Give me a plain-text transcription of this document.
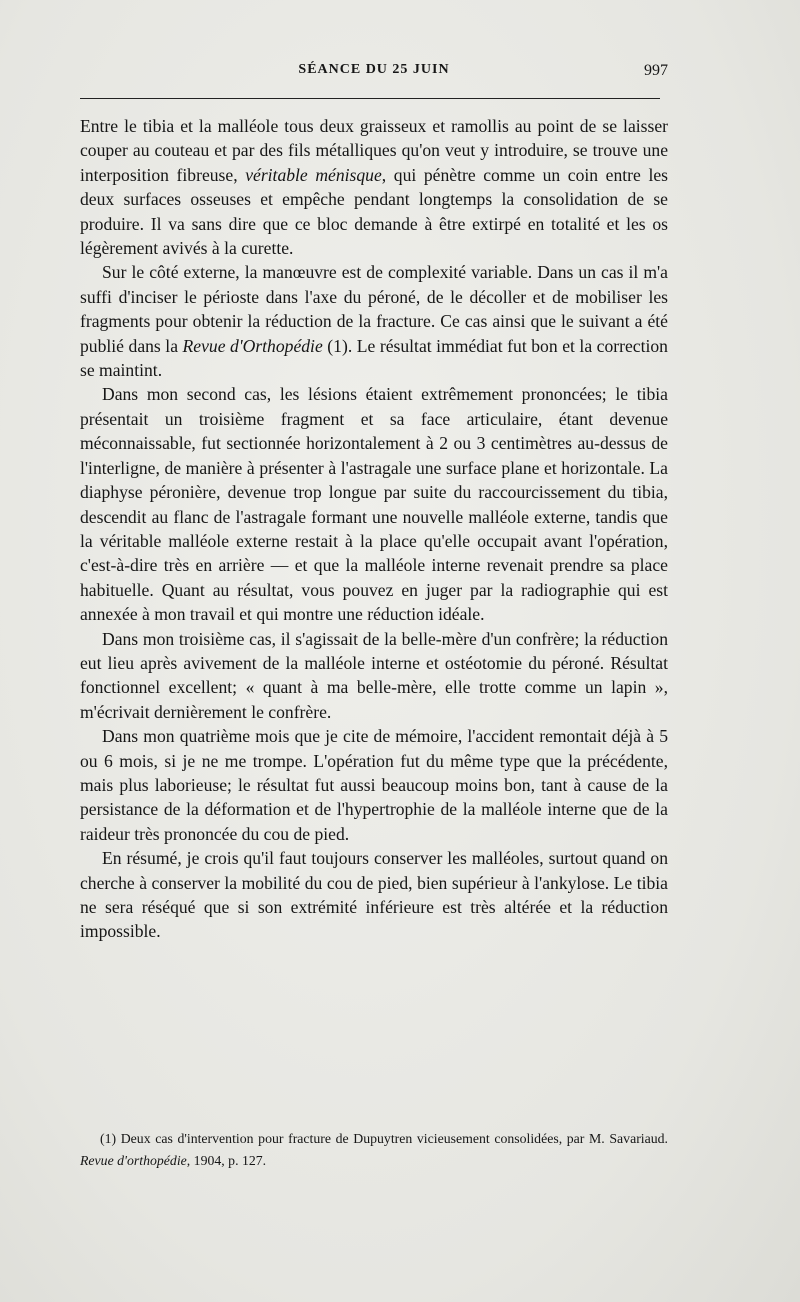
SÉANCE DU 25 JUIN	997

Entre le tibia et la malléole tous deux graisseux et ramollis au point de se laisser couper au couteau et par des fils métalliques qu'on veut y introduire, se trouve une interposition fibreuse, véritable ménisque, qui pénètre comme un coin entre les deux surfaces osseuses et empêche pendant longtemps la consolidation de se produire. Il va sans dire que ce bloc demande à être extirpé en totalité et les os légèrement avivés à la curette.

Sur le côté externe, la manœuvre est de complexité variable. Dans un cas il m'a suffi d'inciser le périoste dans l'axe du péroné, de le décoller et de mobiliser les fragments pour obtenir la réduction de la fracture. Ce cas ainsi que le suivant a été publié dans la Revue d'Orthopédie (1). Le résultat immédiat fut bon et la correction se maintint.

Dans mon second cas, les lésions étaient extrêmement prononcées; le tibia présentait un troisième fragment et sa face articulaire, étant devenue méconnaissable, fut sectionnée horizontalement à 2 ou 3 centimètres au-dessus de l'interligne, de manière à présenter à l'astragale une surface plane et horizontale. La diaphyse péronière, devenue trop longue par suite du raccourcissement du tibia, descendit au flanc de l'astragale formant une nouvelle malléole externe, tandis que la véritable malléole externe restait à la place qu'elle occupait avant l'opération, c'est-à-dire très en arrière — et que la malléole interne revenait prendre sa place habituelle. Quant au résultat, vous pouvez en juger par la radiographie qui est annexée à mon travail et qui montre une réduction idéale.

Dans mon troisième cas, il s'agissait de la belle-mère d'un confrère; la réduction eut lieu après avivement de la malléole interne et ostéotomie du péroné. Résultat fonctionnel excellent; « quant à ma belle-mère, elle trotte comme un lapin », m'écrivait dernièrement le confrère.

Dans mon quatrième mois que je cite de mémoire, l'accident remontait déjà à 5 ou 6 mois, si je ne me trompe. L'opération fut du même type que la précédente, mais plus laborieuse; le résultat fut aussi beaucoup moins bon, tant à cause de la persistance de la déformation et de l'hypertrophie de la malléole interne que de la raideur très prononcée du cou de pied.

En résumé, je crois qu'il faut toujours conserver les malléoles, surtout quand on cherche à conserver la mobilité du cou de pied, bien supérieur à l'ankylose. Le tibia ne sera réséqué que si son extrémité inférieure est très altérée et la réduction impossible.

(1) Deux cas d'intervention pour fracture de Dupuytren vicieusement consolidées, par M. Savariaud. Revue d'orthopédie, 1904, p. 127.
